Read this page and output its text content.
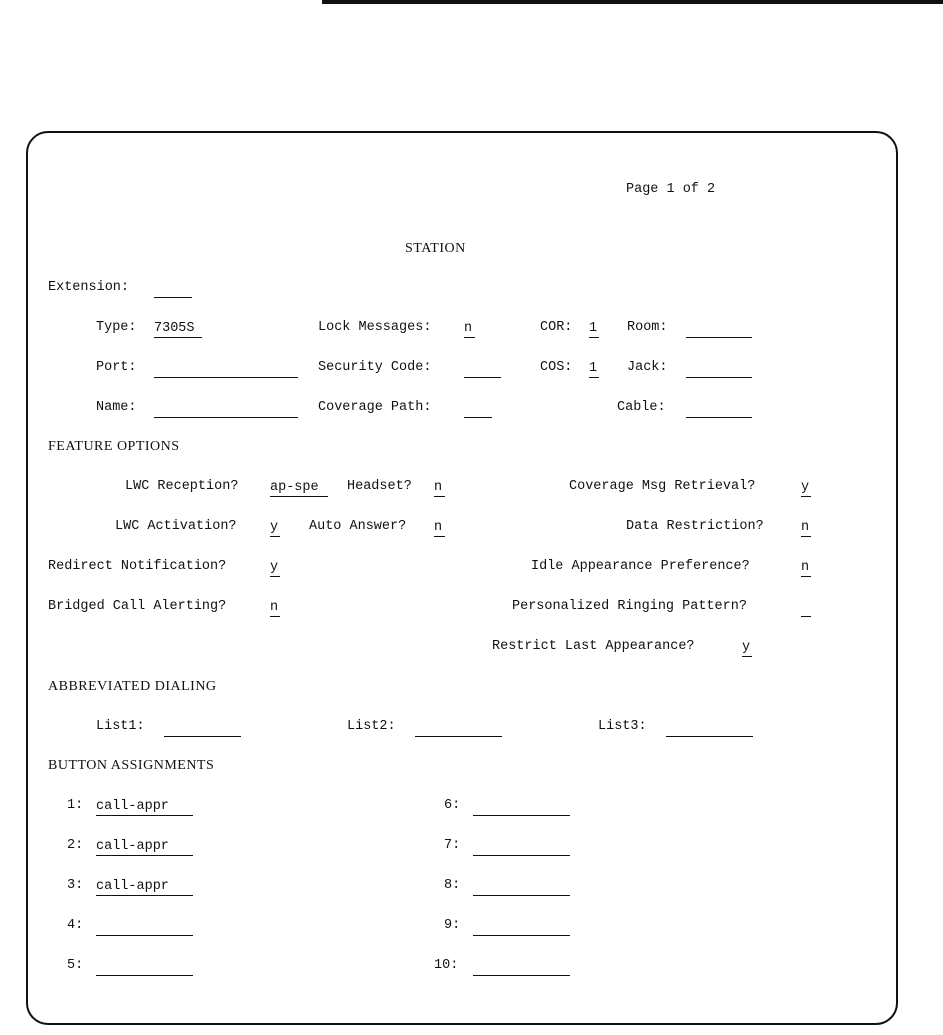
Page 1 of 2
STATION
Extension:
Type: 7305S	Lock Messages: n	COR: 1 Room:
Port:	Security Code:	COS: 1 Jack:
Name:	Coverage Path:	Cable:
FEATURE OPTIONS
LWC Reception? ap-spe	Headset? n	Coverage Msg Retrieval?	y
LWC Activation? y Auto Answer? n	Data Restriction?	n
Redirect Notification?	y	Idle Appearance Preference?	n
Bridged Call Alerting?	n	Personalized Ringing Pattern?
Restrict Last Appearance?	y
ABBREVIATED DIALING
List1:	List2:	List3:
BUTTON ASSIGNMENTS
1: call-appr
2: call-appr
3: call-appr
4:
5:
6:
7:
8:
9:
10:
